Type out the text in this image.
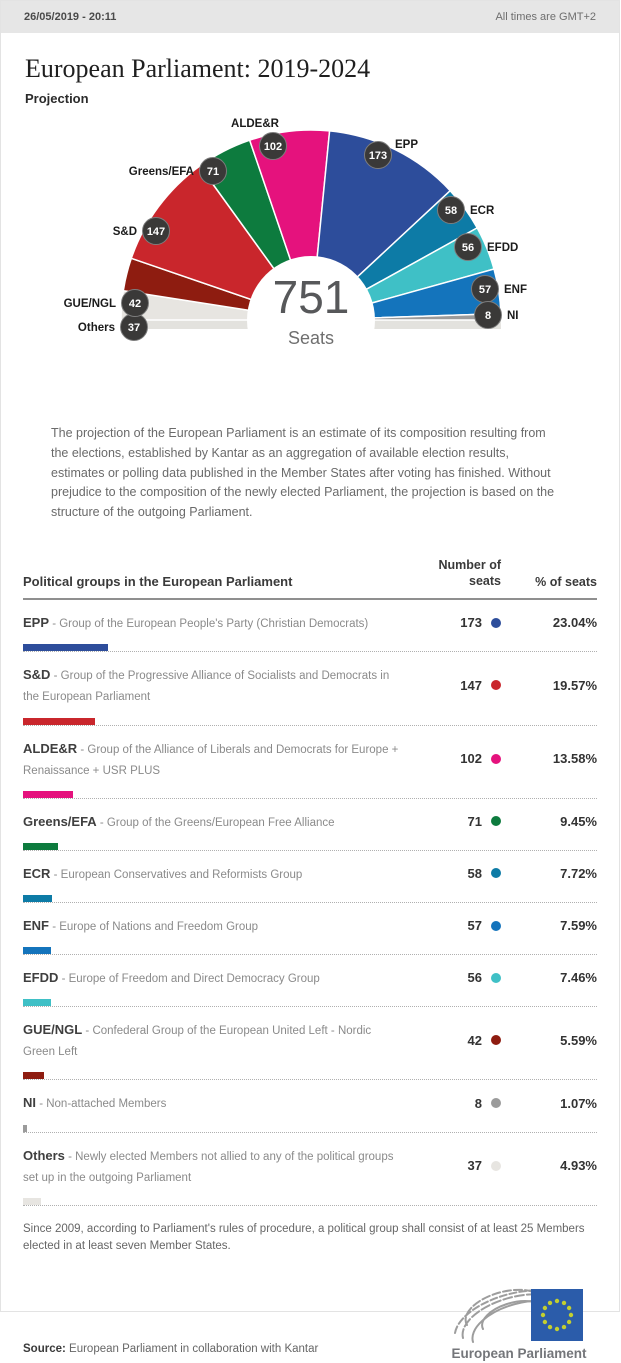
26/05/2019 - 20:11	All times are GMT+2
European Parliament: 2019-2024
Projection
751
Seats
37
Others
42
GUE/NGL
147
S&D
71
Greens/EFA
102
ALDE&R
173
EPP
58 ECR
56 EFDD
57 ENF
8 NI

The projection of the European Parliament is an estimate of its composition resulting from the elections, established by Kantar as an aggregation of available election results, estimates or polling data published in the Member States after voting has finished. Without prejudice to the composition of the newly elected Parliament, the projection is based on the structure of the outgoing Parliament.

Political groups in the European Parliament
Number of
seats	% of seats
EPP - Group of the European People's Party (Christian Democrats)	173	23.04%
S&D - Group of the Progressive Alliance of Socialists and Democrats in the European Parliament
147	19.57%
ALDE&R - Group of the Alliance of Liberals and Democrats for Europe + Renaissance + USR PLUS
102	13.58%
Greens/EFA - Group of the Greens/European Free Alliance	71	9.45%
ECR - European Conservatives and Reformists Group	58	7.72%
ENF - Europe of Nations and Freedom Group	57	7.59%
EFDD - Europe of Freedom and Direct Democracy Group	56	7.46%
GUE/NGL - Confederal Group of the European United Left - Nordic Green Left
42	5.59%
NI - Non-attached Members	8	1.07%
Others - Newly elected Members not allied to any of the political groups set up in the outgoing Parliament
37	4.93%

Since 2009, according to Parliament's rules of procedure, a political group shall consist of at least 25 Members elected in at least seven Member States.

Source: European Parliament in collaboration with Kantar	European Parliament
